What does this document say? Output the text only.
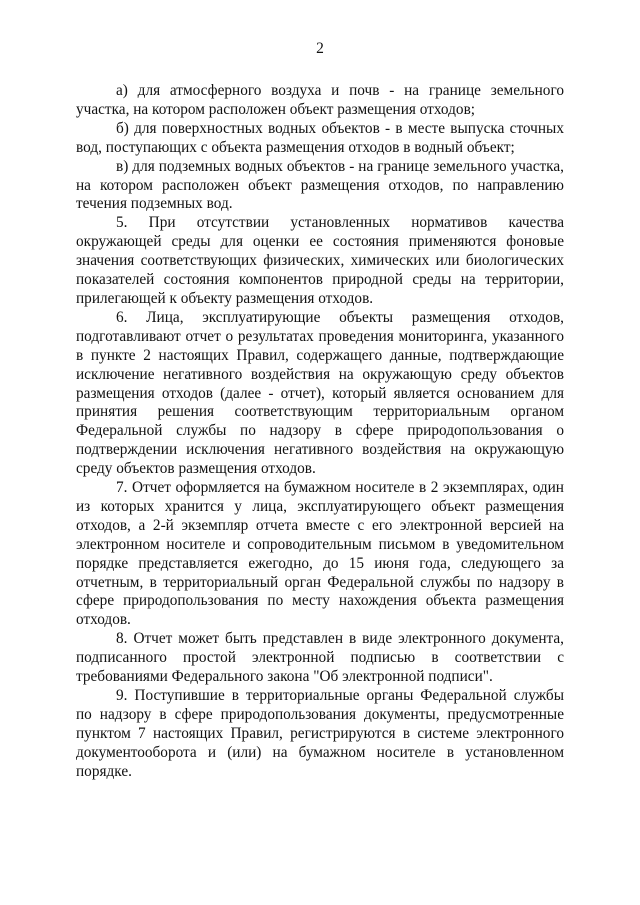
2

а) для атмосферного воздуха и почв - на границе земельного участка, на котором расположен объект размещения отходов;

б) для поверхностных водных объектов - в месте выпуска сточных вод, поступающих с объекта размещения отходов в водный объект;

в) для подземных водных объектов - на границе земельного участка, на котором расположен объект размещения отходов, по направлению течения подземных вод.

5. При отсутствии установленных нормативов качества окружающей среды для оценки ее состояния применяются фоновые значения соответствующих физических, химических или биологических показателей состояния компонентов природной среды на территории, прилегающей к объекту размещения отходов.

6. Лица, эксплуатирующие объекты размещения отходов, подготавливают отчет о результатах проведения мониторинга, указанного в пункте 2 настоящих Правил, содержащего данные, подтверждающие исключение негативного воздействия на окружающую среду объектов размещения отходов (далее - отчет), который является основанием для принятия решения соответствующим территориальным органом Федеральной службы по надзору в сфере природопользования о подтверждении исключения негативного воздействия на окружающую среду объектов размещения отходов.

7. Отчет оформляется на бумажном носителе в 2 экземплярах, один из которых хранится у лица, эксплуатирующего объект размещения отходов, а 2-й экземпляр отчета вместе с его электронной версией на электронном носителе и сопроводительным письмом в уведомительном порядке представляется ежегодно, до 15 июня года, следующего за отчетным, в территориальный орган Федеральной службы по надзору в сфере природопользования по месту нахождения объекта размещения отходов.

8. Отчет может быть представлен в виде электронного документа, подписанного простой электронной подписью в соответствии с требованиями Федерального закона "Об электронной подписи".

9. Поступившие в территориальные органы Федеральной службы по надзору в сфере природопользования документы, предусмотренные пунктом 7 настоящих Правил, регистрируются в системе электронного документооборота и (или) на бумажном носителе в установленном порядке.
